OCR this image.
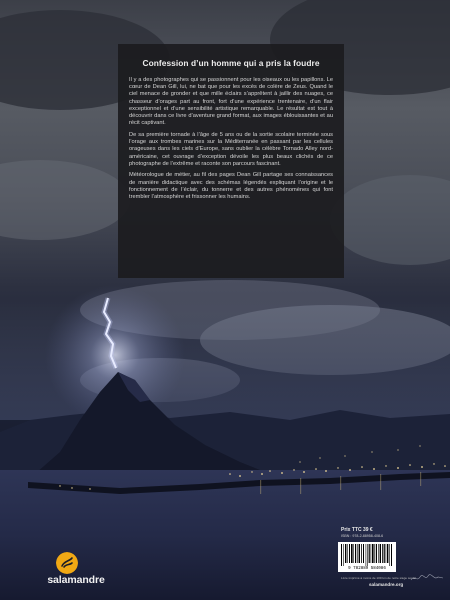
Confession d’un homme qui a pris la foudre

Il y a des photographes qui se passionnent pour les oiseaux ou les papillons. Le cœur de Dean Gill, lui, ne bat que pour les excès de colère de Zeus. Quand le ciel menace de gronder et que mille éclairs s’apprêtent à jaillir des nuages, ce chasseur d’orages part au front, fort d’une expérience trentenaire, d’un flair exceptionnel et d’une sensibilité artistique remarquable. Le résultat est tout à découvrir dans ce livre d’aventure grand format, aux images éblouissantes et au récit captivant.

De sa première tornade à l’âge de 5 ans ou de la sortie scolaire terminée sous l’orage aux trombes marines sur la Méditerranée en passant par les cellules orageuses dans les ciels d’Europe, sans oublier la célèbre Tornado Alley nord-américaine, cet ouvrage d’exception dévoile les plus beaux clichés de ce photographe de l’extrême et raconte son parcours fascinant.

Météorologue de métier, au fil des pages Dean Gill partage ses connaissances de manière didactique avec des schémas légendés expliquant l’origine et le fonctionnement de l’éclair, du tonnerre et des autres phénomènes qui font trembler l’atmosphère et frissonner les humains.

salamandre

Prix TTC 39 €

ISBN : 978-2-88958-408-6

9 782889 584086

Livre imprimé à moins de 100 km de notre siège social

salamandre.org
